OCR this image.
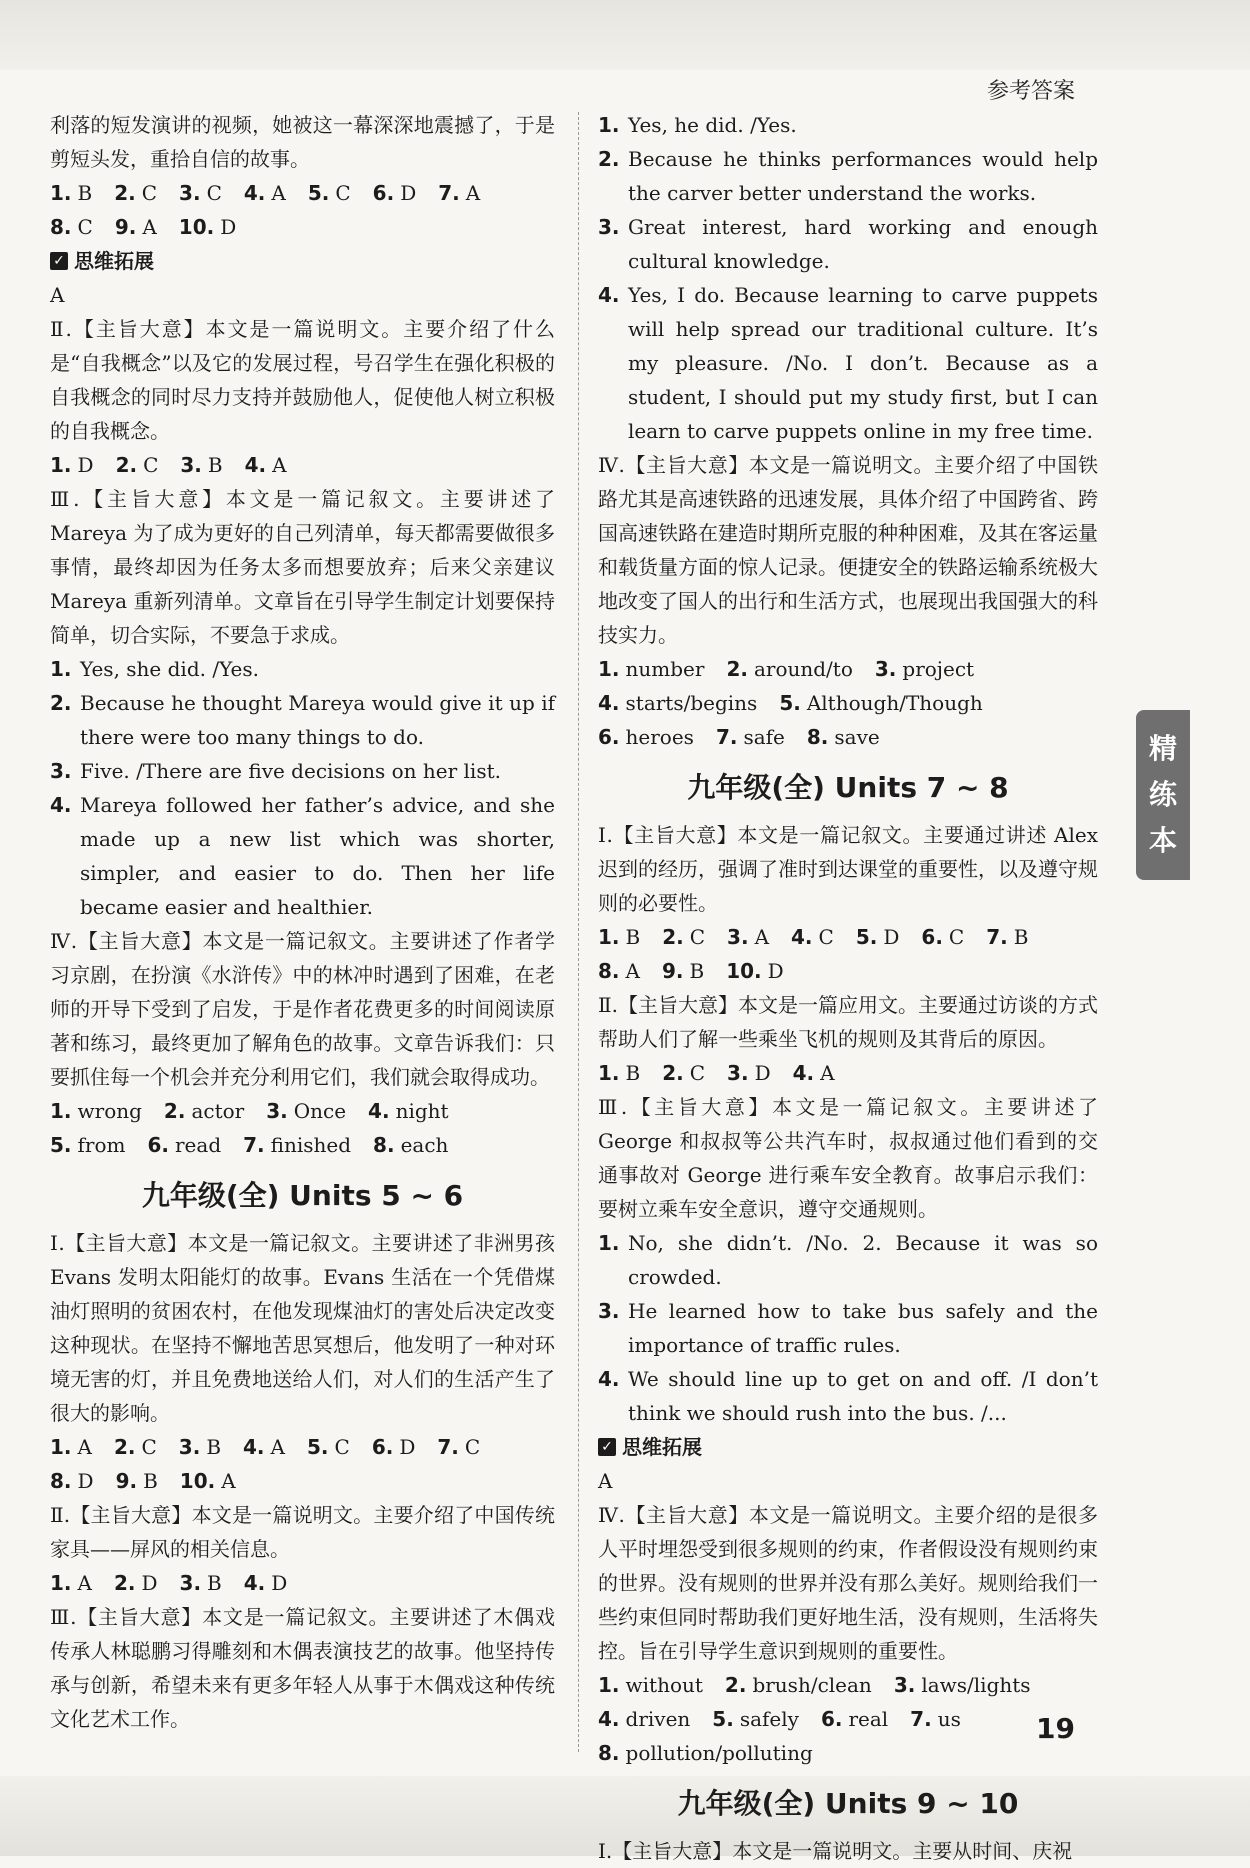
参考答案

利落的短发演讲的视频，她被这一幕深深地震撼了，于是剪短头发，重拾自信的故事。

1. B 2. C 3. C 4. A 5. C 6. D 7. A
8. C 9. A 10. D
✓ 思维拓展

A

Ⅱ.【主旨大意】本文是一篇说明文。主要介绍了什么是“自我概念”以及它的发展过程，号召学生在强化积极的自我概念的同时尽力支持并鼓励他人，促使他人树立积极的自我概念。

1. D 2. C 3. B 4. A

Ⅲ.【主旨大意】本文是一篇记叙文。主要讲述了 Mareya 为了成为更好的自己列清单，每天都需要做很多事情，最终却因为任务太多而想要放弃；后来父亲建议 Mareya 重新列清单。文章旨在引导学生制定计划要保持简单，切合实际，不要急于求成。

1. Yes, she did. /Yes.
2. Because he thought Mareya would give it up if there were too many things to do.
3. Five. /There are five decisions on her list.
4. Mareya followed her father’s advice, and she made up a new list which was shorter, simpler, and easier to do. Then her life became easier and healthier.

Ⅳ.【主旨大意】本文是一篇记叙文。主要讲述了作者学习京剧，在扮演《水浒传》中的林冲时遇到了困难，在老师的开导下受到了启发，于是作者花费更多的时间阅读原著和练习，最终更加了解角色的故事。文章告诉我们：只要抓住每一个机会并充分利用它们，我们就会取得成功。

1. wrong 2. actor 3. Once 4. night
5. from 6. read 7. finished 8. each
九年级(全) Units 5 ~ 6

Ⅰ.【主旨大意】本文是一篇记叙文。主要讲述了非洲男孩 Evans 发明太阳能灯的故事。Evans 生活在一个凭借煤油灯照明的贫困农村，在他发现煤油灯的害处后决定改变这种现状。在坚持不懈地苦思冥想后，他发明了一种对环境无害的灯，并且免费地送给人们，对人们的生活产生了很大的影响。

1. A 2. C 3. B 4. A 5. C 6. D 7. C
8. D 9. B 10. A

Ⅱ.【主旨大意】本文是一篇说明文。主要介绍了中国传统家具——屏风的相关信息。

1. A 2. D 3. B 4. D

Ⅲ.【主旨大意】本文是一篇记叙文。主要讲述了木偶戏传承人林聪鹏习得雕刻和木偶表演技艺的故事。他坚持传承与创新，希望未来有更多年轻人从事于木偶戏这种传统文化艺术工作。

1. Yes, he did. /Yes.
2. Because he thinks performances would help the carver better understand the works.
3. Great interest, hard working and enough cultural knowledge.
4. Yes, I do. Because learning to carve puppets will help spread our traditional culture. It’s my pleasure. /No. I don’t. Because as a student, I should put my study first, but I can learn to carve puppets online in my free time.

Ⅳ.【主旨大意】本文是一篇说明文。主要介绍了中国铁路尤其是高速铁路的迅速发展，具体介绍了中国跨省、跨国高速铁路在建造时期所克服的种种困难，及其在客运量和载货量方面的惊人记录。便捷安全的铁路运输系统极大地改变了国人的出行和生活方式，也展现出我国强大的科技实力。

1. number 2. around/to 3. project
4. starts/begins 5. Although/Though
6. heroes 7. safe 8. save
九年级(全) Units 7 ~ 8

Ⅰ.【主旨大意】本文是一篇记叙文。主要通过讲述 Alex 迟到的经历，强调了准时到达课堂的重要性，以及遵守规则的必要性。

1. B 2. C 3. A 4. C 5. D 6. C 7. B
8. A 9. B 10. D

Ⅱ.【主旨大意】本文是一篇应用文。主要通过访谈的方式帮助人们了解一些乘坐飞机的规则及其背后的原因。

1. B 2. C 3. D 4. A

Ⅲ.【主旨大意】本文是一篇记叙文。主要讲述了 George 和叔叔等公共汽车时，叔叔通过他们看到的交通事故对 George 进行乘车安全教育。故事启示我们：要树立乘车安全意识，遵守交通规则。

1. No, she didn’t. /No. 2. Because it was so crowded.
3. He learned how to take bus safely and the importance of traffic rules.
4. We should line up to get on and off. /I don’t think we should rush into the bus. /...
✓ 思维拓展

A

Ⅳ.【主旨大意】本文是一篇说明文。主要介绍的是很多人平时埋怨受到很多规则的约束，作者假设没有规则约束的世界。没有规则的世界并没有那么美好。规则给我们一些约束但同时帮助我们更好地生活，没有规则，生活将失控。旨在引导学生意识到规则的重要性。

1. without 2. brush/clean 3. laws/lights
4. driven 5. safely 6. real 7. us
8. pollution/polluting
九年级(全) Units 9 ~ 10

Ⅰ.【主旨大意】本文是一篇说明文。主要从时间、庆祝

精
练
本
19
